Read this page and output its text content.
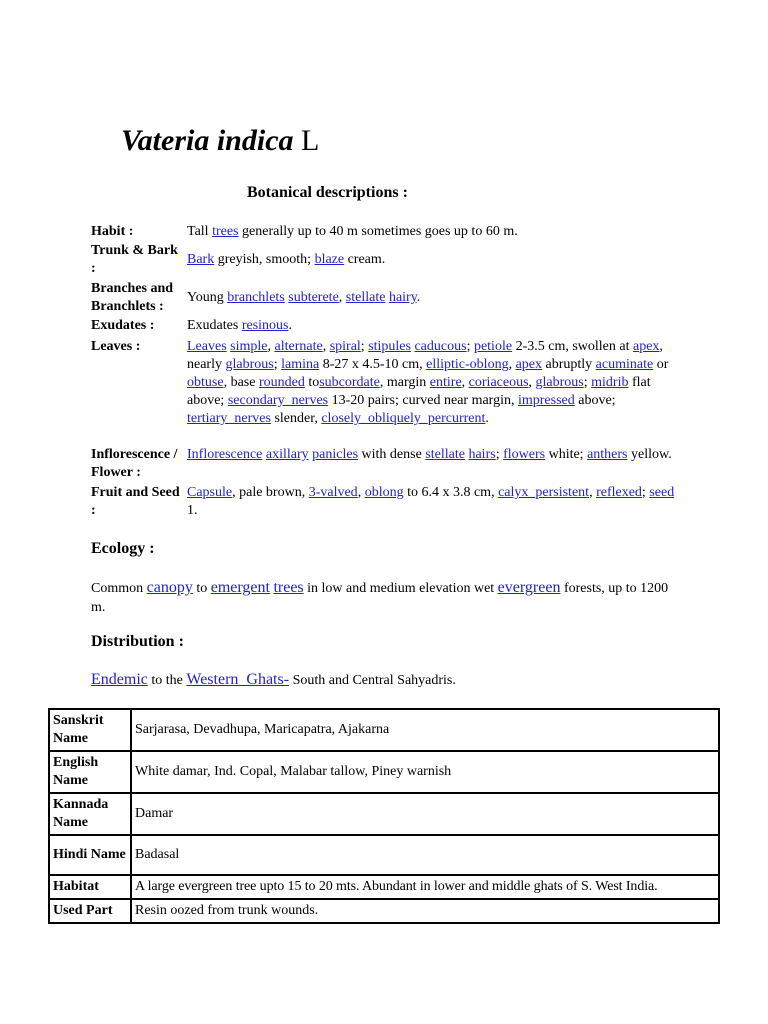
Vateria indica L
Botanical descriptions :
Habit :	Tall trees generally up to 40 m sometimes goes up to 60 m.
Trunk & Bark :
Bark greyish, smooth; blaze cream.
Branches and Branchlets :
Young branchlets subterete, stellate hairy.
Exudates :	Exudates resinous.
Leaves :	Leaves simple, alternate, spiral; stipules caducous; petiole 2-3.5 cm, swollen at apex, nearly glabrous; lamina 8-27 x 4.5-10 cm, elliptic-oblong, apex abruptly acuminate or obtuse, base rounded tosubcordate, margin entire, coriaceous, glabrous; midrib flat above; secondary_nerves 13-20 pairs; curved near margin, impressed above; tertiary_nerves slender, closely_obliquely_percurrent.
Inflorescence / Flower :
Inflorescence axillary panicles with dense stellate hairs; flowers white; anthers yellow.
Fruit and Seed :
Capsule, pale brown, 3-valved, oblong to 6.4 x 3.8 cm, calyx_persistent, reflexed; seed 1.
Ecology :

Common canopy to emergent trees in low and medium elevation wet evergreen forests, up to 1200 m.

Distribution :

Endemic to the Western_Ghats- South and Central Sahyadris.

Sanskrit Name	Sarjarasa, Devadhupa, Maricapatra, Ajakarna
English Name	White damar, Ind. Copal, Malabar tallow, Piney warnish
Kannada Name	Damar
Hindi Name	Badasal
Habitat	A large evergreen tree upto 15 to 20 mts. Abundant in lower and middle ghats of S. West India.
Used Part	Resin oozed from trunk wounds.
